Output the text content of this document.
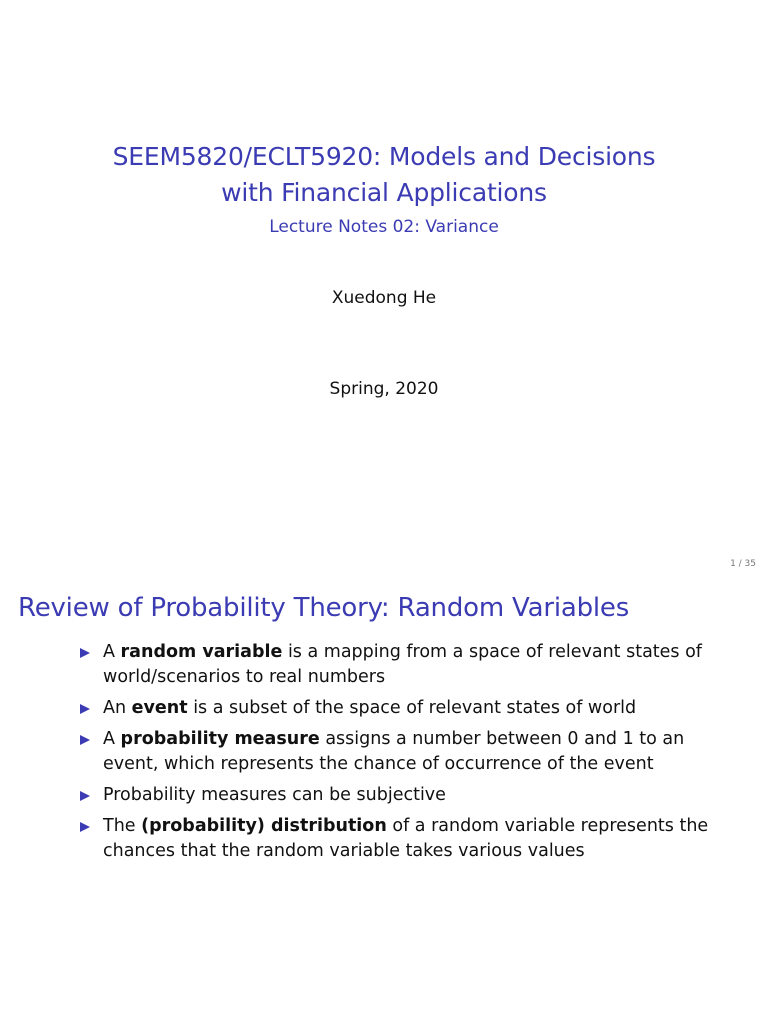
SEEM5820/ECLT5920: Models and Decisions
with Financial Applications
Lecture Notes 02: Variance
Xuedong He
Spring, 2020
1 / 35
Review of Probability Theory: Random Variables
A random variable is a mapping from a space of relevant states of world/scenarios to real numbers
An event is a subset of the space of relevant states of world
A probability measure assigns a number between 0 and 1 to an event, which represents the chance of occurrence of the event
Probability measures can be subjective
The (probability) distribution of a random variable represents the chances that the random variable takes various values
